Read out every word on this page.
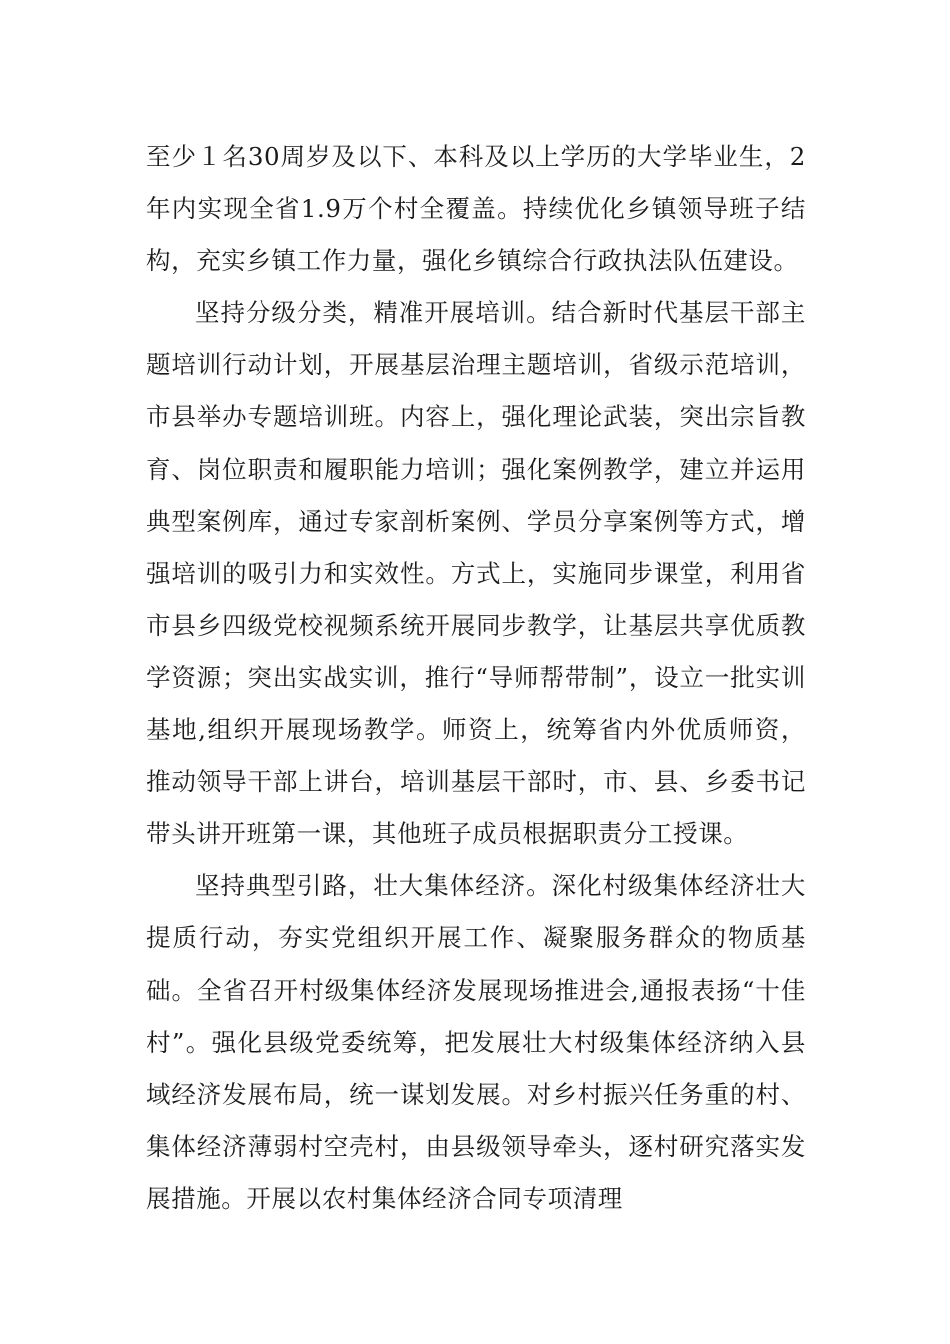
至少１名30周岁及以下、本科及以上学历的大学毕业生，2年内实现全省1.9万个村全覆盖。持续优化乡镇领导班子结构，充实乡镇工作力量，强化乡镇综合行政执法队伍建设。

坚持分级分类，精准开展培训。结合新时代基层干部主题培训行动计划，开展基层治理主题培训，省级示范培训，市县举办专题培训班。内容上，强化理论武装，突出宗旨教育、岗位职责和履职能力培训；强化案例教学，建立并运用典型案例库，通过专家剖析案例、学员分享案例等方式，增强培训的吸引力和实效性。方式上，实施同步课堂，利用省市县乡四级党校视频系统开展同步教学，让基层共享优质教学资源；突出实战实训，推行“导师帮带制”，设立一批实训基地,组织开展现场教学。师资上，统筹省内外优质师资，推动领导干部上讲台，培训基层干部时，市、县、乡委书记带头讲开班第一课，其他班子成员根据职责分工授课。

坚持典型引路，壮大集体经济。深化村级集体经济壮大提质行动，夯实党组织开展工作、凝聚服务群众的物质基础。全省召开村级集体经济发展现场推进会,通报表扬“十佳村”。强化县级党委统筹，把发展壮大村级集体经济纳入县域经济发展布局，统一谋划发展。对乡村振兴任务重的村、集体经济薄弱村空壳村，由县级领导牵头，逐村研究落实发展措施。开展以农村集体经济合同专项清理
